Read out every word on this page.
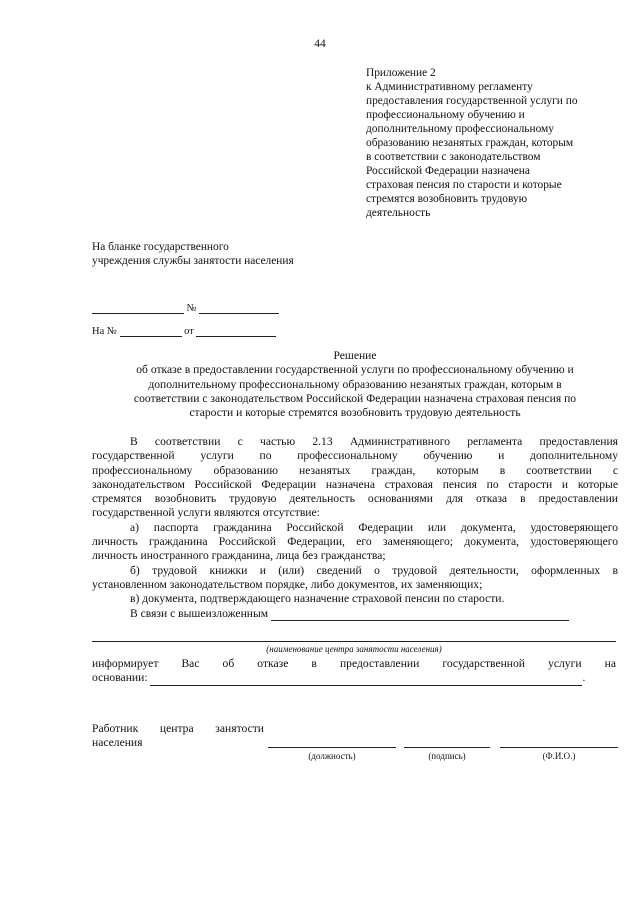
44
Приложение 2
к Административному регламенту
предоставления государственной услуги по
профессиональному обучению и
дополнительному профессиональному
образованию незанятых граждан, которым
в соответствии с законодательством
Российской Федерации назначена
страховая пенсия по старости и которые
стремятся возобновить трудовую
деятельность
На бланке государственного
учреждения службы занятости населения
№
На №	от
Решение
об отказе в предоставлении государственной услуги по профессиональному обучению и
дополнительному профессиональному образованию незанятых граждан, которым в
соответствии с законодательством Российской Федерации назначена страховая пенсия по
старости и которые стремятся возобновить трудовую деятельность
В соответствии с частью 2.13 Административного регламента предоставления
государственной услуги по профессиональному обучению и дополнительному
профессиональному образованию незанятых граждан, которым в соответствии с
законодательством Российской Федерации назначена страховая пенсия по старости и которые
стремятся возобновить трудовую деятельность основаниями для отказа в предоставлении
государственной услуги являются отсутствие:
а) паспорта гражданина Российской Федерации или документа, удостоверяющего
личность гражданина Российской Федерации, его заменяющего; документа, удостоверяющего
личность иностранного гражданина, лица без гражданства;
б) трудовой книжки и (или) сведений о трудовой деятельности, оформленных в
установленном законодательством порядке, либо документов, их заменяющих;
в) документа, подтверждающего назначение страховой пенсии по старости.
В связи с вышеизложенным
(наименование центра занятости населения)
информирует Вас об отказе в предоставлении государственной услуги на
основании:	.
Работник центра занятости населения
(должность)	(подпись)	(Ф.И.О.)
